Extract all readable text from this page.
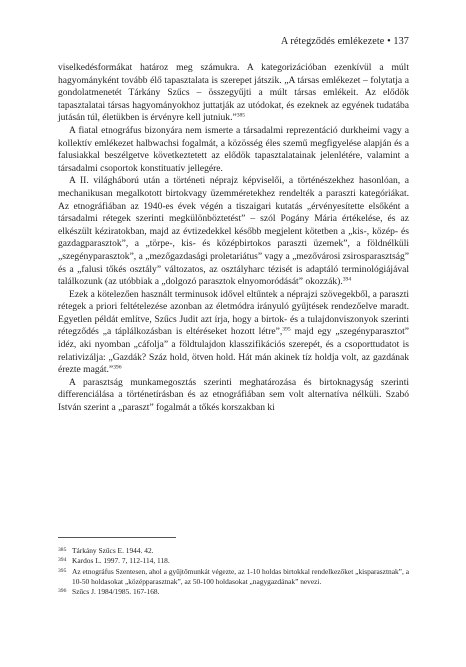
A rétegződés emlékezete • 137

viselkedésformákat határoz meg számukra. A kategorizációban ezenkívül a múlt hagyományként tovább élő tapasztalata is szerepet játszik. „A társas emlékezet – folytatja a gondolatmenetét Tárkány Szűcs – összegyűjti a múlt társas emlékeit. Az elődök tapasztalatai társas hagyományokhoz juttatják az utódokat, és ezeknek az egyének tudatába jutásán túl, életükben is érvényre kell jutniuk.”$^{385}$

A fiatal etnográfus bizonyára nem ismerte a társadalmi reprezentáció durkheimi vagy a kollektív emlékezet halbwachsi fogalmát, a közösség éles szemű megfigyelése alapján és a falusiakkal beszélgetve következtetett az elődök tapasztalatainak jelenlétére, valamint a társadalmi csoportok konstituatív jellegére.

A II. világháború után a történeti néprajz képviselői, a történészekhez hasonlóan, a mechanikusan megalkotott birtokvagy üzemméretekhez rendelték a paraszti kategóriákat. Az etnográfiában az 1940-es évek végén a tiszaigari kutatás „érvényesítette elsőként a társadalmi rétegek szerinti megkülönböztetést” – szól Pogány Mária értékelése, és az elkészült kéziratokban, majd az évtizedekkel később megjelent kötetben a „kis-, közép- és gazdagparasztok”, a „törpe-, kis- és középbirtokos paraszti üzemek”, a földnélküli „szegényparasztok”, a „mezőgazdasági proletariátus” vagy a „mezővárosi zsirosparasztság” és a „falusi tőkés osztály” változatos, az osztályharc tézisét is adaptáló terminológiájával találkozunk (az utóbbiak a „dolgozó parasztok elnyomoródását” okozzák).$^{394}$

Ezek a kötelezően használt terminusok idővel eltűntek a néprajzi szövegekből, a paraszti rétegek a priori feltételezése azonban az életmódra irányuló gyűjtések rendezőelve maradt. Egyetlen példát említve, Szűcs Judit azt írja, hogy a birtok- és a tulajdonviszonyok szerinti rétegződés „a táplálkozásban is eltéréseket hozott létre”,$^{395}$ majd egy „szegényparasztot” idéz, aki nyomban „cáfolja” a földtulajdon klasszifikációs szerepét, és a csoporttudatot is relativizálja: „Gazdák? Száz hold, ötven hold. Hát mán akinek tíz holdja volt, az gazdának érezte magát.”$^{396}$

A parasztság munkamegosztás szerinti meghatározása és birtoknagyság szerinti differenciálása a történetírásban és az etnográfiában sem volt alternatíva nélküli. Szabó István szerint a „paraszt” fogalmát a tőkés korszakban ki

385 Tárkány Szűcs E. 1944. 42.
394 Kardos L. 1997. 7, 112-114, 118.
395 Az etnográfus Szentesen, ahol a gyűjtőmunkát végezte, az 1-10 holdas birtokkal rendelkezőket „kisparasztnak”, a 10-50 holdasokat „középparasztnak”, az 50-100 holdasokat „nagygazdának” nevezi.
396 Szűcs J. 1984/1985. 167-168.
